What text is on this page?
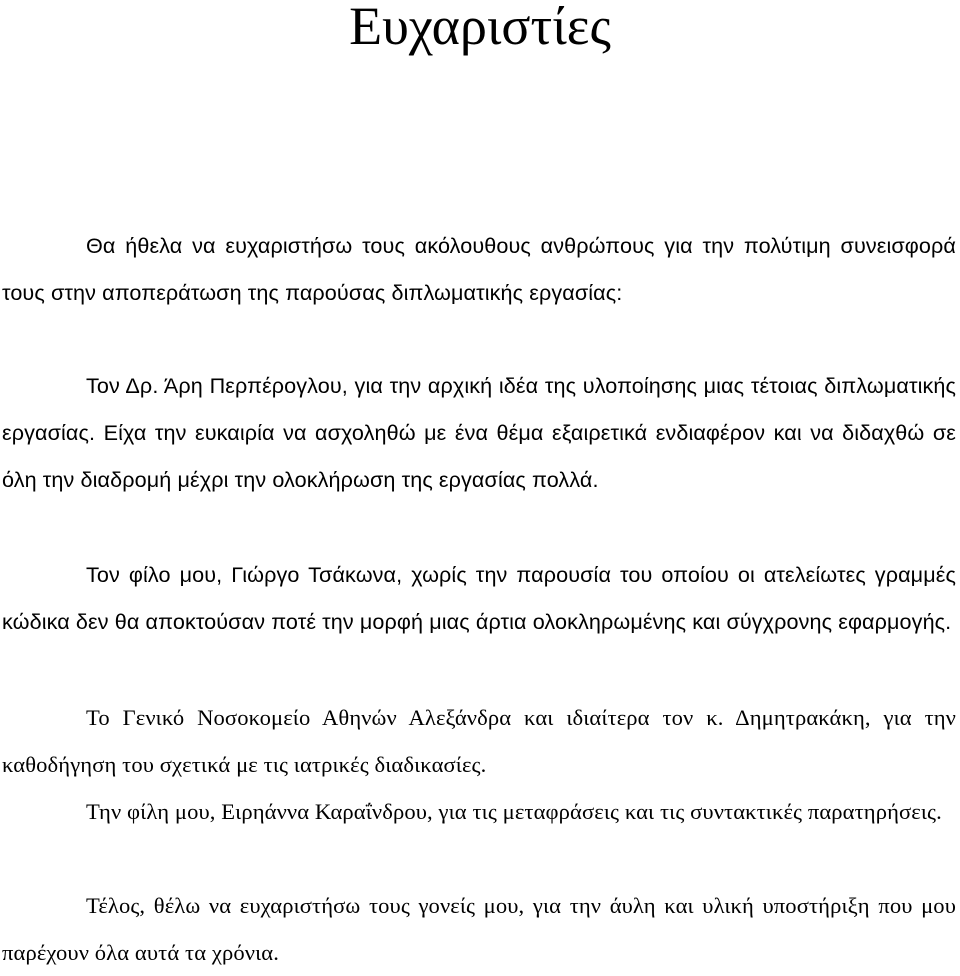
Ευχαριστίες

Θα ήθελα να ευχαριστήσω τους ακόλουθους ανθρώπους για την πολύτιμη συνεισφορά τους στην αποπεράτωση της παρούσας διπλωματικής εργασίας:

Τον Δρ. Άρη Περπέρογλου, για την αρχική ιδέα της υλοποίησης μιας τέτοιας διπλωματικής εργασίας. Είχα την ευκαιρία να ασχοληθώ με ένα θέμα εξαιρετικά ενδιαφέρον και να διδαχθώ σε όλη την διαδρομή μέχρι την ολοκλήρωση της εργασίας πολλά.

Τον φίλο μου, Γιώργο Τσάκωνα, χωρίς την παρουσία του οποίου οι ατελείωτες γραμμές κώδικα δεν θα αποκτούσαν ποτέ την μορφή μιας άρτια ολοκληρωμένης και σύγχρονης εφαρμογής.

Το Γενικό Νοσοκομείο Αθηνών Αλεξάνδρα και ιδιαίτερα τον κ. Δημητρακάκη, για την καθοδήγηση του σχετικά με τις ιατρικές διαδικασίες.

Την φίλη μου, Ειρηάννα Καραΐνδρου, για τις μεταφράσεις και τις συντακτικές παρατηρήσεις.

Τέλος, θέλω να ευχαριστήσω τους γονείς μου, για την άυλη και υλική υποστήριξη που μου παρέχουν όλα αυτά τα χρόνια.
